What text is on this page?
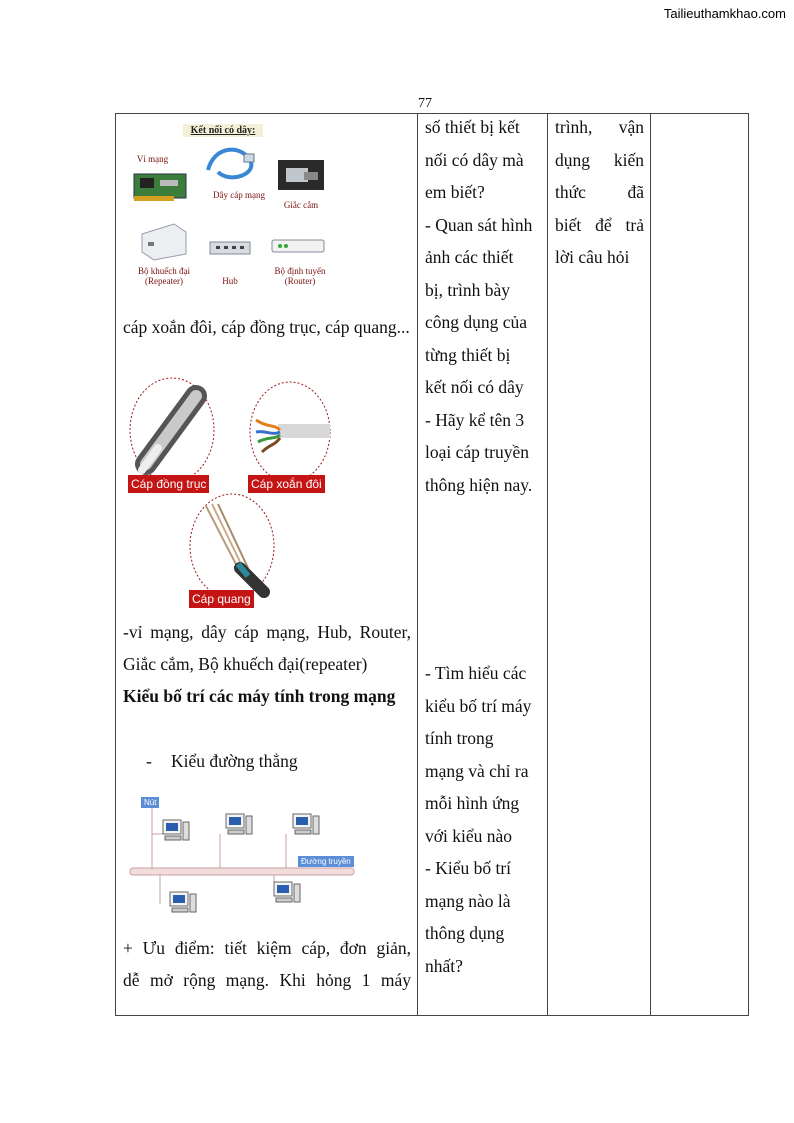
Tailieuthamkhao.com
77
Kết nối có dây:
Vỉ mạng
Dây cáp mạng
Giắc cắm
Bộ khuếch đại
(Repeater)	Hub
Bộ định tuyến
(Router)
cáp xoắn đôi, cáp đồng trục, cáp quang...
Cáp đồng trục	Cáp xoắn đôi
Cáp quang
-vỉ mạng, dây cáp mạng, Hub, Router,
Giắc cắm, Bộ khuếch đại(repeater)
Kiểu bố trí các máy tính trong mạng
- Kiểu đường thẳng
Nút
Đường truyền
+ Ưu điểm: tiết kiệm cáp, đơn giản,
dễ mở rộng mạng. Khi hỏng 1 máy
số thiết bị kết
nối có dây mà
em biết?
- Quan sát hình
ảnh các thiết
bị, trình bày
công dụng của
từng thiết bị
kết nối có dây
- Hãy kể tên 3
loại cáp truyền
thông hiện nay.
- Tìm hiểu các
kiểu bố trí máy
tính trong
mạng và chỉ ra
mỗi hình ứng
với kiểu nào
- Kiểu bố trí
mạng nào là
thông dụng
nhất?
trình, vận
dụng kiến
thức đã
biết để trả
lời câu hỏi
